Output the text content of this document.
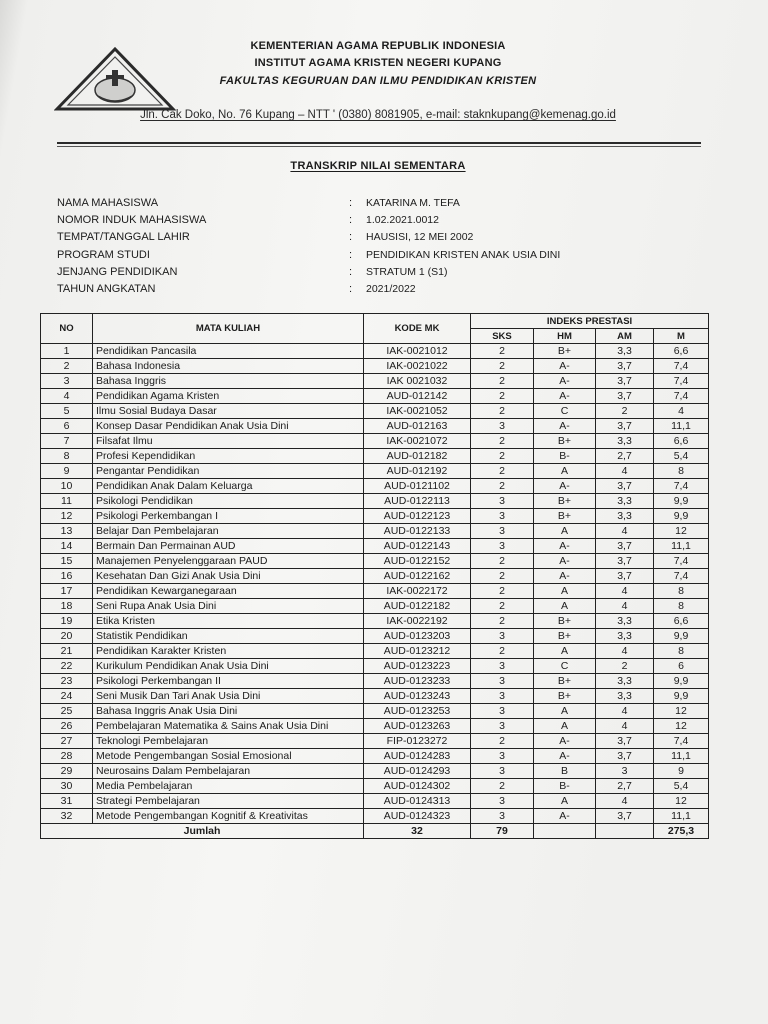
KEMENTERIAN AGAMA REPUBLIK INDONESIA
INSTITUT AGAMA KRISTEN NEGERI KUPANG
FAKULTAS KEGURUAN DAN ILMU PENDIDIKAN KRISTEN
Jln. Cak Doko, No. 76 Kupang – NTT ' (0380) 8081905, e-mail: staknkupang@kemenag.go.id
TRANSKRIP NILAI SEMENTARA
NAMA MAHASISWA	: KATARINA M. TEFA
NOMOR INDUK MAHASISWA	: 1.02.2021.0012
TEMPAT/TANGGAL LAHIR	: HAUSISI, 12 MEI 2002
PROGRAM STUDI	: PENDIDIKAN KRISTEN ANAK USIA DINI
JENJANG PENDIDIKAN	: STRATUM 1 (S1)
TAHUN ANGKATAN	: 2021/2022
NO	MATA KULIAH	KODE MK	INDEKS PRESTASI			
			SKS	HM	AM	M
1	Pendidikan Pancasila	IAK-0021012	2	B+	3,3	6,6
2	Bahasa Indonesia	IAK-0021022	2	A-	3,7	7,4
3	Bahasa Inggris	IAK 0021032	2	A-	3,7	7,4
4	Pendidikan Agama Kristen	AUD-012142	2	A-	3,7	7,4
5	Ilmu Sosial Budaya Dasar	IAK-0021052	2	C	2	4
6	Konsep Dasar Pendidikan Anak Usia Dini	AUD-012163	3	A-	3,7	11,1
7	Filsafat Ilmu	IAK-0021072	2	B+	3,3	6,6
8	Profesi Kependidikan	AUD-012182	2	B-	2,7	5,4
9	Pengantar Pendidikan	AUD-012192	2	A	4	8
10	Pendidikan Anak Dalam Keluarga	AUD-0121102	2	A-	3,7	7,4
11	Psikologi Pendidikan	AUD-0122113	3	B+	3,3	9,9
12	Psikologi Perkembangan I	AUD-0122123	3	B+	3,3	9,9
13	Belajar Dan Pembelajaran	AUD-0122133	3	A	4	12
14	Bermain Dan Permainan AUD	AUD-0122143	3	A-	3,7	11,1
15	Manajemen Penyelenggaraan PAUD	AUD-0122152	2	A-	3,7	7,4
16	Kesehatan Dan Gizi Anak Usia Dini	AUD-0122162	2	A-	3,7	7,4
17	Pendidikan Kewarganegaraan	IAK-0022172	2	A	4	8
18	Seni Rupa Anak Usia Dini	AUD-0122182	2	A	4	8
19	Etika Kristen	IAK-0022192	2	B+	3,3	6,6
20	Statistik Pendidikan	AUD-0123203	3	B+	3,3	9,9
21	Pendidikan Karakter Kristen	AUD-0123212	2	A	4	8
22	Kurikulum Pendidikan Anak Usia Dini	AUD-0123223	3	C	2	6
23	Psikologi Perkembangan II	AUD-0123233	3	B+	3,3	9,9
24	Seni Musik Dan Tari Anak Usia Dini	AUD-0123243	3	B+	3,3	9,9
25	Bahasa Inggris Anak Usia Dini	AUD-0123253	3	A	4	12
26	Pembelajaran Matematika & Sains Anak Usia Dini	AUD-0123263	3	A	4	12
27	Teknologi Pembelajaran	FIP-0123272	2	A-	3,7	7,4
28	Metode Pengembangan Sosial Emosional	AUD-0124283	3	A-	3,7	11,1
29	Neurosains Dalam Pembelajaran	AUD-0124293	3	B	3	9
30	Media Pembelajaran	AUD-0124302	2	B-	2,7	5,4
31	Strategi Pembelajaran	AUD-0124313	3	A	4	12
32	Metode Pengembangan Kognitif & Kreativitas	AUD-0124323	3	A-	3,7	11,1
Jumlah		32	79			275,3
